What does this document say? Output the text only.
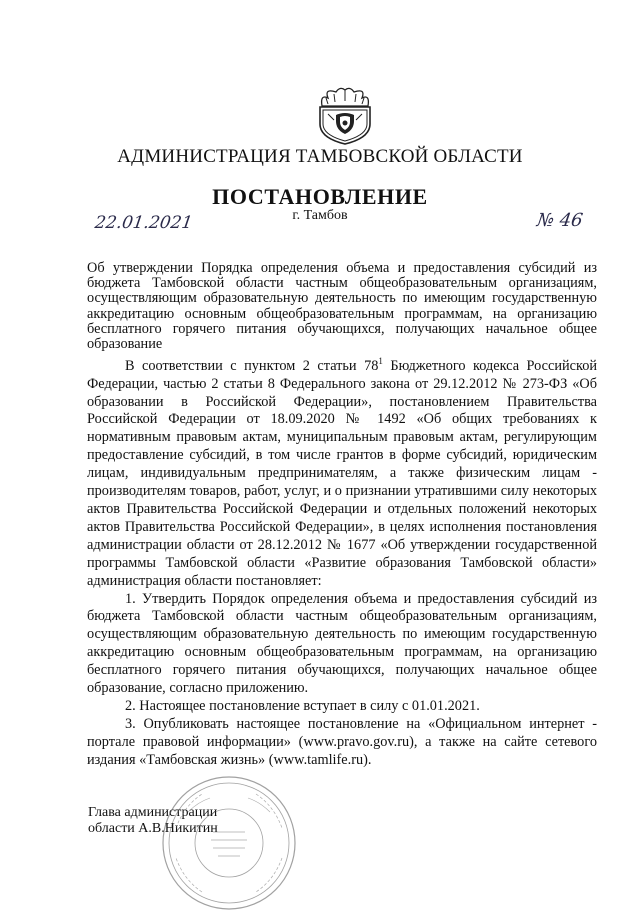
АДМИНИСТРАЦИЯ ТАМБОВСКОЙ ОБЛАСТИ
ПОСТАНОВЛЕНИЕ
22.01.2021	г. Тамбов	№ 46
Об утверждении Порядка определения объема и предоставления субсидий из бюджета Тамбовской области частным общеобразовательным организациям, осуществляющим образовательную деятельность по имеющим государственную аккредитацию основным общеобразовательным программам, на организацию бесплатного горячего питания обучающихся, получающих начальное общее образование

В соответствии с пунктом 2 статьи $78^1$ Бюджетного кодекса Российской Федерации, частью 2 статьи 8 Федерального закона от 29.12.2012 № 273-ФЗ «Об образовании в Российской Федерации», постановлением Правительства Российской Федерации от 18.09.2020 № 1492 «Об общих требованиях к нормативным правовым актам, муниципальным правовым актам, регулирующим предоставление субсидий, в том числе грантов в форме субсидий, юридическим лицам, индивидуальным предпринимателям, а также физическим лицам - производителям товаров, работ, услуг, и о признании утратившими силу некоторых актов Правительства Российской Федерации и отдельных положений некоторых актов Правительства Российской Федерации», в целях исполнения постановления администрации области от 28.12.2012 № 1677 «Об утверждении государственной программы Тамбовской области «Развитие образования Тамбовской области» администрация области постановляет:

1. Утвердить Порядок определения объема и предоставления субсидий из бюджета Тамбовской области частным общеобразовательным организациям, осуществляющим образовательную деятельность по имеющим государственную аккредитацию основным общеобразовательным программам, на организацию бесплатного горячего питания обучающихся, получающих начальное общее образование, согласно приложению.

2. Настоящее постановление вступает в силу с 01.01.2021.

3. Опубликовать настоящее постановление на «Официальном интернет - портале правовой информации» (www.pravo.gov.ru), а также на сайте сетевого издания «Тамбовская жизнь» (www.tamlife.ru).

Глава администрации
области А.В.Никитин
